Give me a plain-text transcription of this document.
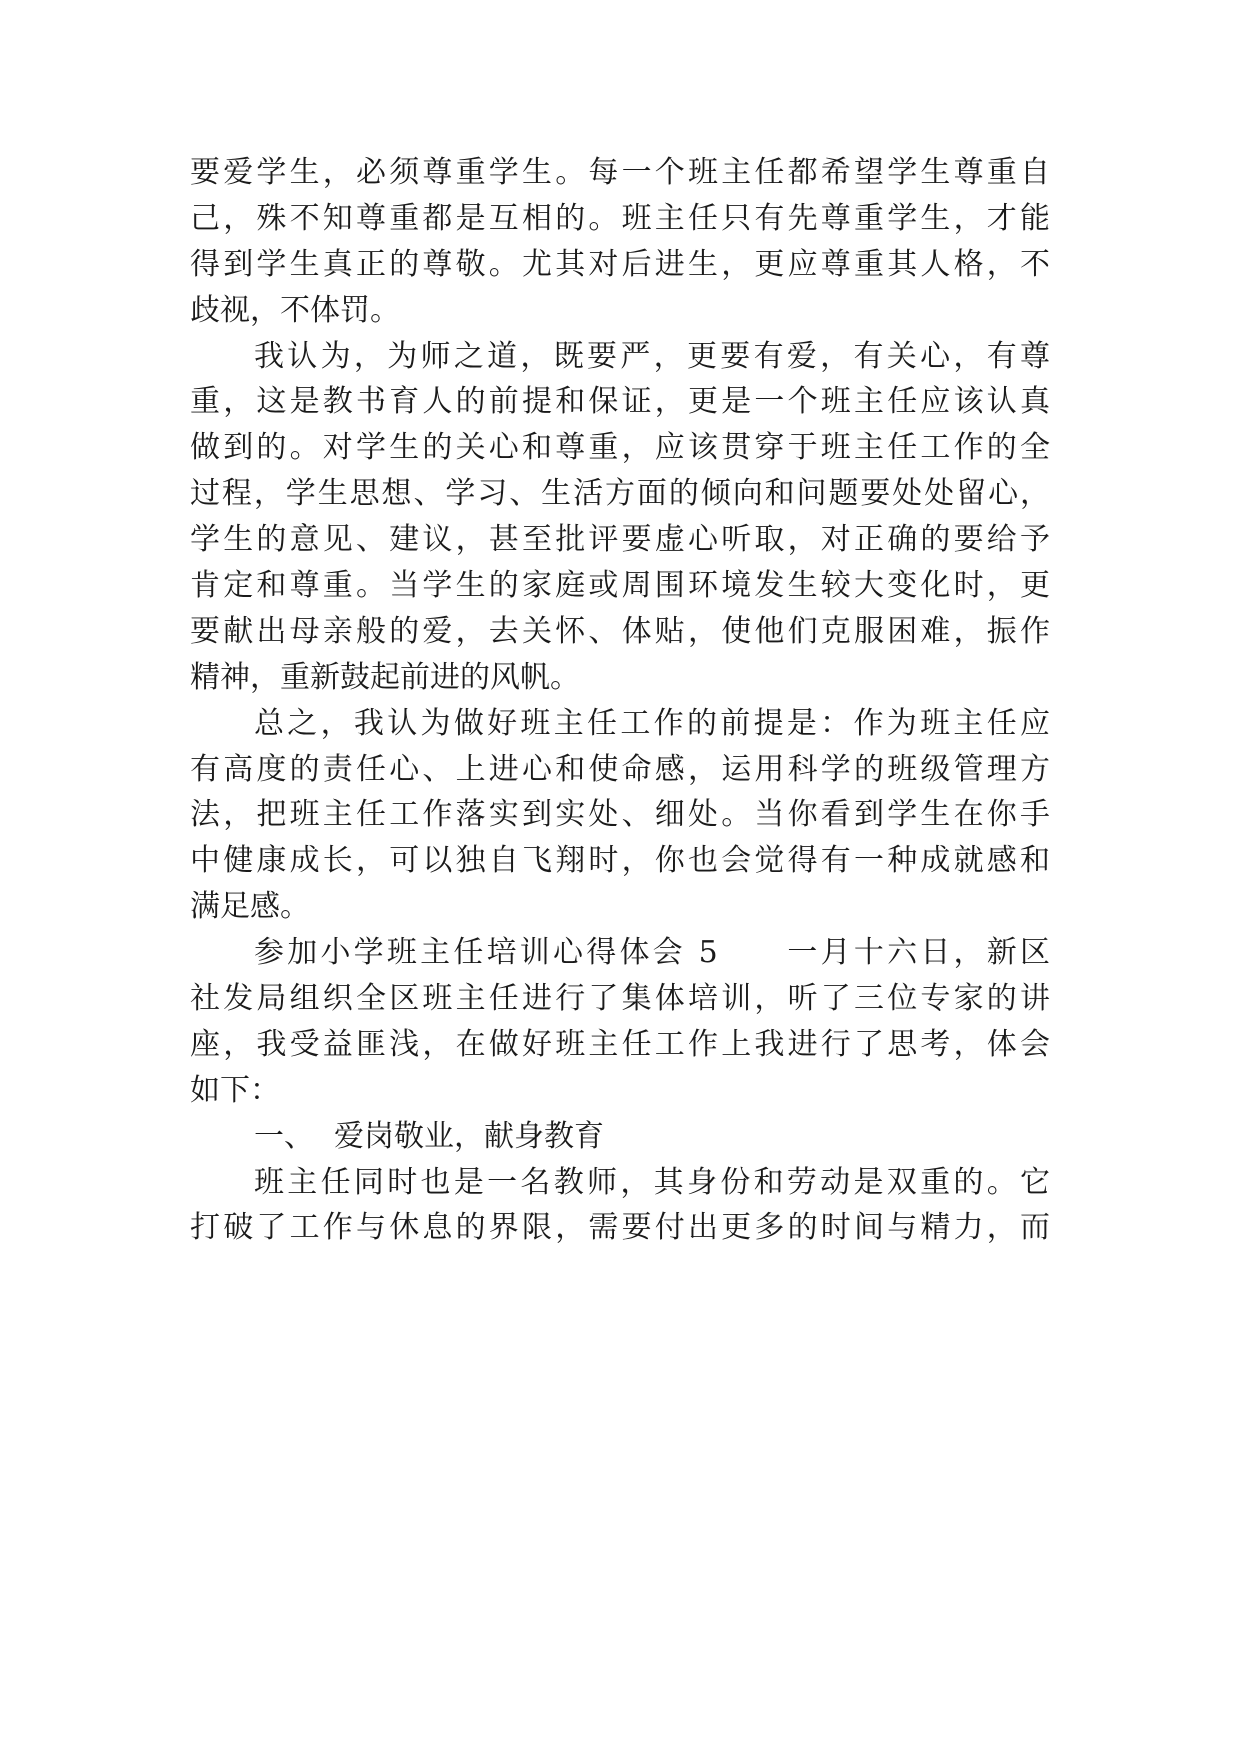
要爱学生，必须尊重学生。每一个班主任都希望学生尊重自
己，殊不知尊重都是互相的。班主任只有先尊重学生，才能
得到学生真正的尊敬。尤其对后进生，更应尊重其人格，不
歧视，不体罚。
我认为，为师之道，既要严，更要有爱，有关心，有尊
重，这是教书育人的前提和保证，更是一个班主任应该认真
做到的。对学生的关心和尊重，应该贯穿于班主任工作的全
过程，学生思想、学习、生活方面的倾向和问题要处处留心，
学生的意见、建议，甚至批评要虚心听取，对正确的要给予
肯定和尊重。当学生的家庭或周围环境发生较大变化时，更
要献出母亲般的爱，去关怀、体贴，使他们克服困难，振作
精神，重新鼓起前进的风帆。
总之，我认为做好班主任工作的前提是：作为班主任应
有高度的责任心、上进心和使命感，运用科学的班级管理方
法，把班主任工作落实到实处、细处。当你看到学生在你手
中健康成长，可以独自飞翔时，你也会觉得有一种成就感和
满足感。
参加小学班主任培训心得体会 5　　一月十六日，新区
社发局组织全区班主任进行了集体培训，听了三位专家的讲
座，我受益匪浅，在做好班主任工作上我进行了思考，体会
如下：
一、 爱岗敬业，献身教育
班主任同时也是一名教师，其身份和劳动是双重的。它
打破了工作与休息的界限，需要付出更多的时间与精力，而
